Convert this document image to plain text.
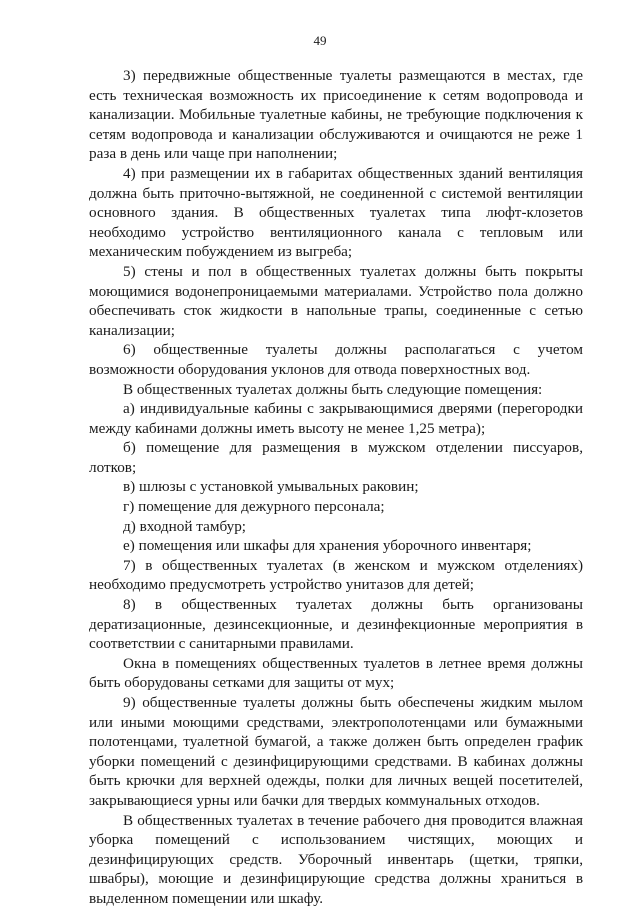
49

3) передвижные общественные туалеты размещаются в местах, где есть техническая возможность их присоединение к сетям водопровода и канализации. Мобильные туалетные кабины, не требующие подключения к сетям водопровода и канализации обслуживаются и очищаются не реже 1 раза в день или чаще при наполнении;

4) при размещении их в габаритах общественных зданий вентиляция должна быть приточно-вытяжной, не соединенной с системой вентиляции основного здания. В общественных туалетах типа люфт-клозетов необходимо устройство вентиляционного канала с тепловым или механическим побуждением из выгреба;

5) стены и пол в общественных туалетах должны быть покрыты моющимися водонепроницаемыми материалами. Устройство пола должно обеспечивать сток жидкости в напольные трапы, соединенные с сетью канализации;

6) общественные туалеты должны располагаться с учетом возможности оборудования уклонов для отвода поверхностных вод.

В общественных туалетах должны быть следующие помещения:

а) индивидуальные кабины с закрывающимися дверями (перегородки между кабинами должны иметь высоту не менее 1,25 метра);

б) помещение для размещения в мужском отделении писсуаров, лотков;

в) шлюзы с установкой умывальных раковин;

г) помещение для дежурного персонала;

д) входной тамбур;

е) помещения или шкафы для хранения уборочного инвентаря;

7) в общественных туалетах (в женском и мужском отделениях) необходимо предусмотреть устройство унитазов для детей;

8) в общественных туалетах должны быть организованы дератизационные, дезинсекционные, и дезинфекционные мероприятия в соответствии с санитарными правилами.

Окна в помещениях общественных туалетов в летнее время должны быть оборудованы сетками для защиты от мух;

9) общественные туалеты должны быть обеспечены жидким мылом или иными моющими средствами, электрополотенцами или бумажными полотенцами, туалетной бумагой, а также должен быть определен график уборки помещений с дезинфицирующими средствами. В кабинах должны быть крючки для верхней одежды, полки для личных вещей посетителей, закрывающиеся урны или бачки для твердых коммунальных отходов.

В общественных туалетах в течение рабочего дня проводится влажная уборка помещений с использованием чистящих, моющих и дезинфицирующих средств. Уборочный инвентарь (щетки, тряпки, швабры), моющие и дезинфицирующие средства должны храниться в выделенном помещении или шкафу.
